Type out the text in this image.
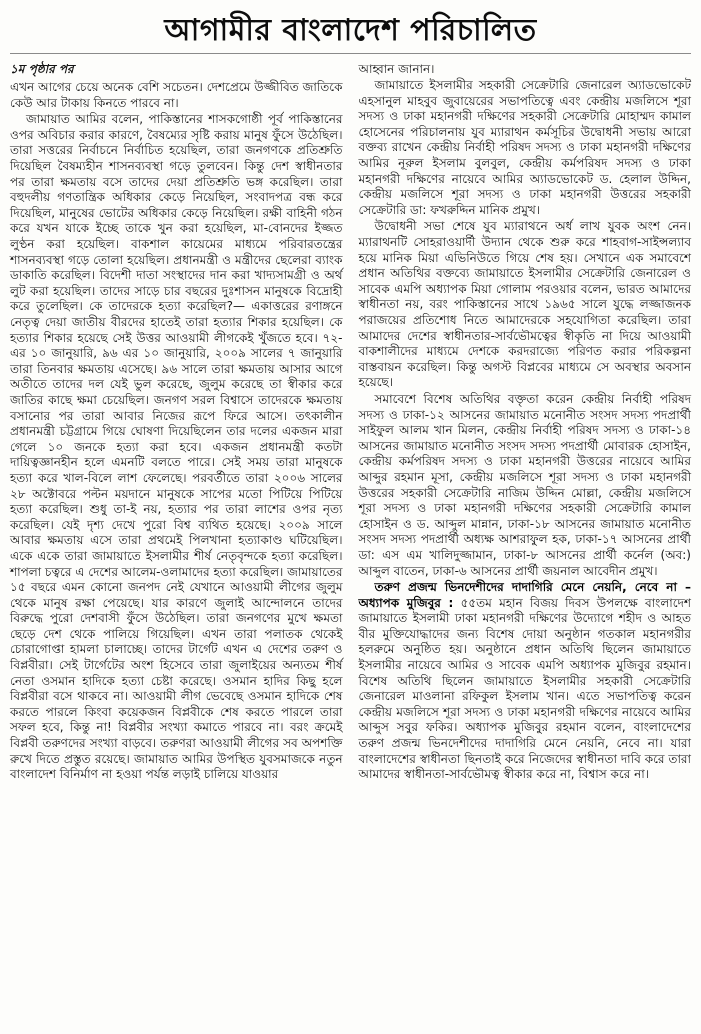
আগামীর বাংলাদেশ পরিচালিত

১ম পৃষ্ঠার পর

এখন আগের চেয়ে অনেক বেশি সচেতন। দেশপ্রেমে উজ্জীবিত জাতিকে কেউ আর টাকায় কিনতে পারবে না।

জামায়াত আমির বলেন, পাকিস্তানের শাসকগোষ্ঠী পূর্ব পাকিস্তানের ওপর অবিচার করার কারণে, বৈষম্যের সৃষ্টি করায় মানুষ ফুঁসে উঠেছিল। তারা সত্তরের নির্বাচনে নির্বাচিত হয়েছিল, তারা জনগণকে প্রতিশ্রুতি দিয়েছিল বৈষম্যহীন শাসনব্যবস্থা গড়ে তুলবেন। কিন্তু দেশ স্বাধীনতার পর তারা ক্ষমতায় বসে তাদের দেয়া প্রতিশ্রুতি ভঙ্গ করেছিল। তারা বহুদলীয় গণতান্ত্রিক অধিকার কেড়ে নিয়েছিল, সংবাদপত্র বন্ধ করে দিয়েছিল, মানুষের ভোটের অধিকার কেড়ে নিয়েছিল। রক্ষী বাহিনী গঠন করে যখন যাকে ইচ্ছে তাকে খুন করা হয়েছিল, মা-বোনদের ইজ্জত লুণ্ঠন করা হয়েছিল। বাকশাল কায়েমের মাধ্যমে পরিবারতন্ত্রের শাসনব্যবস্থা গড়ে তোলা হয়েছিল। প্রধানমন্ত্রী ও মন্ত্রীদের ছেলেরা ব্যাংক ডাকাতি করেছিল। বিদেশী দাতা সংস্থাদের দান করা খাদ্যসামগ্রী ও অর্থ লুট করা হয়েছিল। তাদের সাড়ে চার বছরের দুঃশাসন মানুষকে বিদ্রোহী করে তুলেছিল। কে তাদেরকে হত্যা করেছিল?— একাত্তরের রণাঙ্গনে নেতৃত্ব দেয়া জাতীয় বীরদের হাতেই তারা হত্যার শিকার হয়েছিল। কে হত্যার শিকার হয়েছে সেই উত্তর আওয়ামী লীগকেই খুঁজতে হবে। ৭২-এর ১০ জানুয়ারি, ৯৬ এর ১০ জানুয়ারি, ২০০৯ সালের ৭ জানুয়ারি তারা তিনবার ক্ষমতায় এসেছে। ৯৬ সালে তারা ক্ষমতায় আসার আগে অতীতে তাদের দল যেই ভুল করেছে, জুলুম করেছে তা স্বীকার করে জাতির কাছে ক্ষমা চেয়েছিল। জনগণ সরল বিশ্বাসে তাদেরকে ক্ষমতায় বসানোর পর তারা আবার নিজের রূপে ফিরে আসে। তৎকালীন প্রধানমন্ত্রী চট্টগ্রামে গিয়ে ঘোষণা দিয়েছিলেন তার দলের একজন মারা গেলে ১০ জনকে হত্যা করা হবে। একজন প্রধানমন্ত্রী কতটা দায়িত্বজ্ঞানহীন হলে এমনটি বলতে পারে। সেই সময় তারা মানুষকে হত্যা করে খাল-বিলে লাশ ফেলেছে। পরবর্তীতে তারা ২০০৬ সালের ২৮ অক্টোবরে পল্টন ময়দানে মানুষকে সাপের মতো পিটিয়ে পিটিয়ে হত্যা করেছিল। শুধু তা-ই নয়, হত্যার পর তারা লাশের ওপর নৃত্য করেছিল। যেই দৃশ্য দেখে পুরো বিশ্ব ব্যথিত হয়েছে। ২০০৯ সালে আবার ক্ষমতায় এসে তারা প্রথমেই পিলখানা হত্যাকাণ্ড ঘটিয়েছিল। একে একে তারা জামায়াতে ইসলামীর শীর্ষ নেতৃবৃন্দকে হত্যা করেছিল। শাপলা চত্বরে এ দেশের আলেম-ওলামাদের হত্যা করেছিল। জামায়াতের ১৫ বছরে এমন কোনো জনপদ নেই যেখানে আওয়ামী লীগের জুলুম থেকে মানুষ রক্ষা পেয়েছে। যার কারণে জুলাই আন্দোলনে তাদের বিরুদ্ধে পুরো দেশবাসী ফুঁসে উঠেছিল। তারা জনগণের মুখে ক্ষমতা ছেড়ে দেশ থেকে পালিয়ে গিয়েছিল। এখন তারা পলাতক থেকেই চোরাগোপ্তা হামলা চালাচ্ছে। তাদের টার্গেট এখন এ দেশের তরুণ ও বিপ্লবীরা। সেই টার্গেটের অংশ হিসেবে তারা জুলাইয়ের অন্যতম শীর্ষ নেতা ওসমান হাদিকে হত্যা চেষ্টা করেছে। ওসমান হাদির কিছু হলে বিপ্লবীরা বসে থাকবে না। আওয়ামী লীগ ভেবেছে ওসমান হাদিকে শেষ করতে পারলে কিংবা কয়েকজন বিপ্লবীকে শেষ করতে পারলে তারা সফল হবে, কিন্তু না! বিপ্লবীর সংখ্যা কমাতে পারবে না। বরং ক্রমেই বিপ্লবী তরুণদের সংখ্যা বাড়বে। তরুণরা আওয়ামী লীগের সব অপশক্তি রুখে দিতে প্রস্তুত রয়েছে। জামায়াত আমির উপস্থিত যুবসমাজকে নতুন বাংলাদেশ বিনির্মাণ না হওয়া পর্যন্ত লড়াই চালিয়ে যাওয়ার

আহ্বান জানান।

জামায়াতে ইসলামীর সহকারী সেক্রেটারি জেনারেল অ্যাডভোকেট এহসানুল মাহবুব জুবায়েরের সভাপতিত্বে এবং কেন্দ্রীয় মজলিসে শূরা সদস্য ও ঢাকা মহানগরী দক্ষিণের সহকারী সেক্রেটারি মোহাম্মদ কামাল হোসেনের পরিচালনায় যুব ম্যারাথন কর্মসূচির উদ্বোধনী সভায় আরো বক্তব্য রাখেন কেন্দ্রীয় নির্বাহী পরিষদ সদস্য ও ঢাকা মহানগরী দক্ষিণের আমির নূরুল ইসলাম বুলবুল, কেন্দ্রীয় কর্মপরিষদ সদস্য ও ঢাকা মহানগরী দক্ষিণের নায়েবে আমির অ্যাডভোকেট ড. হেলাল উদ্দিন, কেন্দ্রীয় মজলিসে শূরা সদস্য ও ঢাকা মহানগরী উত্তরের সহকারী সেক্রেটারি ডা: ফখরুদ্দিন মানিক প্রমুখ।

উদ্বোধনী সভা শেষে যুব ম্যারাথনে অর্ধ লাখ যুবক অংশ নেন। ম্যারাথনটি সোহরাওয়ার্দী উদ্যান থেকে শুরু করে শাহবাগ-সাইন্সল্যাব হয়ে মানিক মিয়া এভিনিউতে গিয়ে শেষ হয়। সেখানে এক সমাবেশে প্রধান অতিথির বক্তব্যে জামায়াতে ইসলামীর সেক্রেটারি জেনারেল ও সাবেক এমপি অধ্যাপক মিয়া গোলাম পরওয়ার বলেন, ভারত আমাদের স্বাধীনতা নয়, বরং পাকিস্তানের সাথে ১৯৬৫ সালে যুদ্ধে লজ্জাজনক পরাজয়ের প্রতিশোধ নিতে আমাদেরকে সহযোগিতা করেছিল। তারা আমাদের দেশের স্বাধীনতার-সার্বভৌমত্বের স্বীকৃতি না দিয়ে আওয়ামী বাকশালীদের মাধ্যমে দেশকে করদরাজ্যে পরিণত করার পরিকল্পনা বাস্তবায়ন করেছিল। কিন্তু অগস্ট বিপ্লবের মাধ্যমে সে অবস্থার অবসান হয়েছে।

সমাবেশে বিশেষ অতিথির বক্তৃতা করেন কেন্দ্রীয় নির্বাহী পরিষদ সদস্য ও ঢাকা-১২ আসনের জামায়াত মনোনীত সংসদ সদস্য পদপ্রার্থী সাইফুল আলম খান মিলন, কেন্দ্রীয় নির্বাহী পরিষদ সদস্য ও ঢাকা-১৪ আসনের জামায়াত মনোনীত সংসদ সদস্য পদপ্রার্থী মোবারক হোসাইন, কেন্দ্রীয় কর্মপরিষদ সদস্য ও ঢাকা মহানগরী উত্তরের নায়েবে আমির আব্দুর রহমান মূসা, কেন্দ্রীয় মজলিসে শূরা সদস্য ও ঢাকা মহানগরী উত্তরের সহকারী সেক্রেটারি নাজিম উদ্দিন মোল্লা, কেন্দ্রীয় মজলিসে শূরা সদস্য ও ঢাকা মহানগরী দক্ষিণের সহকারী সেক্রেটারি কামাল হোসাইন ও ড. আব্দুল মান্নান, ঢাকা-১৮ আসনের জামায়াত মনোনীত সংসদ সদস্য পদপ্রার্থী অধ্যক্ষ আশরাফুল হক, ঢাকা-১৭ আসনের প্রার্থী ডা: এস এম খালিদুজ্জামান, ঢাকা-৮ আসনের প্রার্থী কর্নেল (অব:) আব্দুল বাতেন, ঢাকা-৬ আসনের প্রার্থী জয়নাল আবেদীন প্রমুখ।

তরুণ প্রজন্ম ভিনদেশীদের দাদাগিরি মেনে নেয়নি, নেবে না –অধ্যাপক মুজিবুর : ৫৫তম মহান বিজয় দিবস উপলক্ষে বাংলাদেশ জামায়াতে ইসলামী ঢাকা মহানগরী দক্ষিণের উদ্যোগে শহীদ ও আহত বীর মুক্তিযোদ্ধাদের জন্য বিশেষ দোয়া অনুষ্ঠান গতকাল মহানগরীর হলরুমে অনুষ্ঠিত হয়। অনুষ্ঠানে প্রধান অতিথি ছিলেন জামায়াতে ইসলামীর নায়েবে আমির ও সাবেক এমপি অধ্যাপক মুজিবুর রহমান। বিশেষ অতিথি ছিলেন জামায়াতে ইসলামীর সহকারী সেক্রেটারি জেনারেল মাওলানা রফিকুল ইসলাম খান। এতে সভাপতিত্ব করেন কেন্দ্রীয় মজলিসে শূরা সদস্য ও ঢাকা মহানগরী দক্ষিণের নায়েবে আমির আব্দুস সবুর ফকির। অধ্যাপক মুজিবুর রহমান বলেন, বাংলাদেশের তরুণ প্রজন্ম ভিনদেশীদের দাদাগিরি মেনে নেয়নি, নেবে না। যারা বাংলাদেশের স্বাধীনতা ছিনতাই করে নিজেদের স্বাধীনতা দাবি করে তারা আমাদের স্বাধীনতা-সার্বভৌমত্ব স্বীকার করে না, বিশ্বাস করে না।
